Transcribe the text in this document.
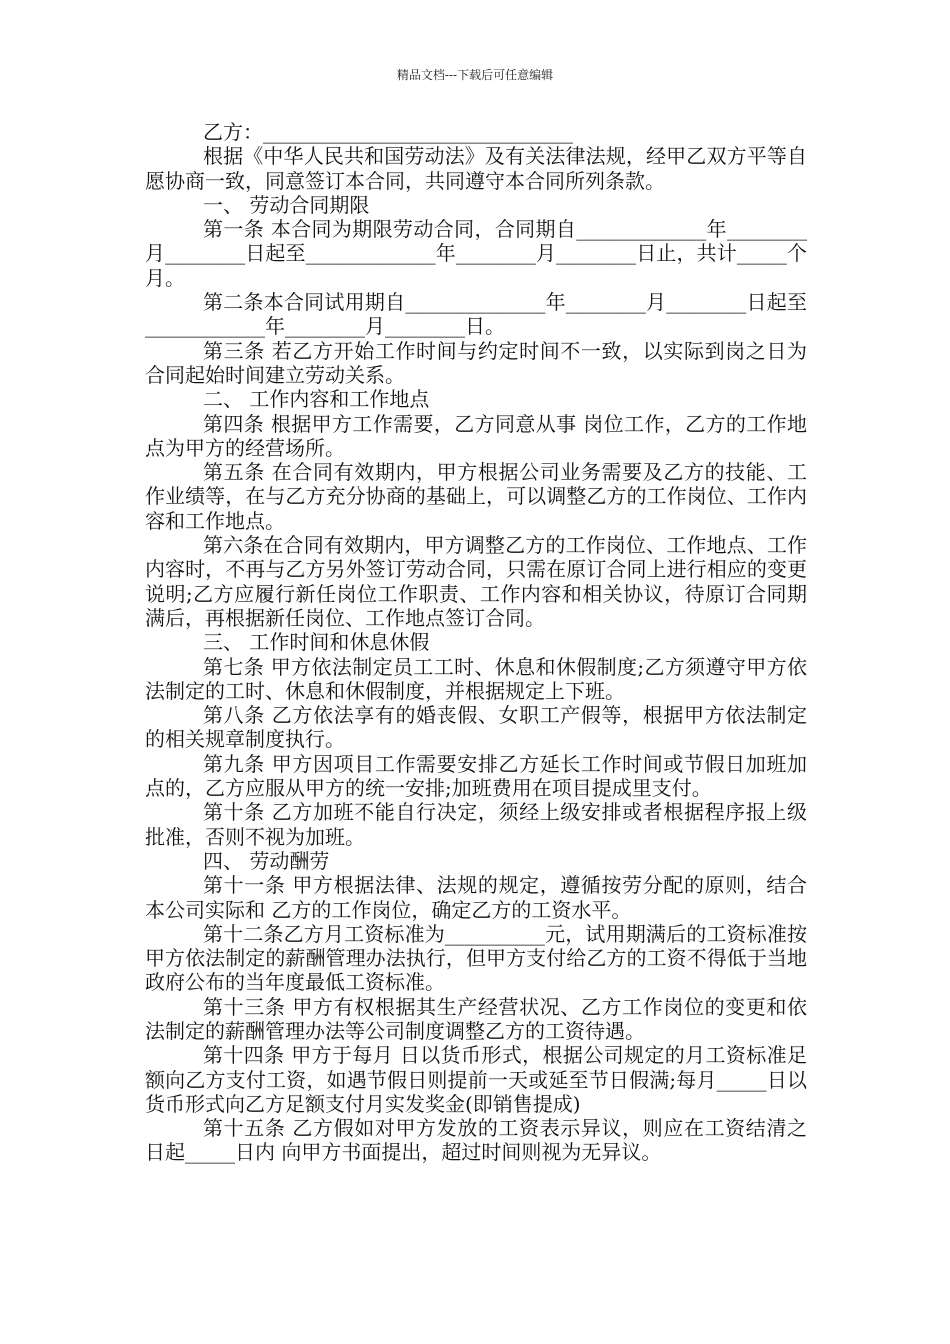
精品文档---下载后可任意编辑

乙方：_______________________________

根据《中华人民共和国劳动法》及有关法律法规，经甲乙双方平等自愿协商一致，同意签订本合同，共同遵守本合同所列条款。

一、 劳动合同期限

第一条 本合同为期限劳动合同，合同期自_____________年________月________日起至_____________年________月________日止，共计_____个月。

第二条本合同试用期自______________年________月________日起至____________年________月________日。

第三条 若乙方开始工作时间与约定时间不一致，以实际到岗之日为合同起始时间建立劳动关系。

二、 工作内容和工作地点

第四条 根据甲方工作需要，乙方同意从事 岗位工作，乙方的工作地点为甲方的经营场所。

第五条 在合同有效期内，甲方根据公司业务需要及乙方的技能、工作业绩等，在与乙方充分协商的基础上，可以调整乙方的工作岗位、工作内容和工作地点。

第六条在合同有效期内，甲方调整乙方的工作岗位、工作地点、工作内容时，不再与乙方另外签订劳动合同，只需在原订合同上进行相应的变更说明;乙方应履行新任岗位工作职责、工作内容和相关协议，待原订合同期满后，再根据新任岗位、工作地点签订合同。

三、 工作时间和休息休假

第七条 甲方依法制定员工工时、休息和休假制度;乙方须遵守甲方依法制定的工时、休息和休假制度，并根据规定上下班。

第八条 乙方依法享有的婚丧假、女职工产假等，根据甲方依法制定的相关规章制度执行。

第九条 甲方因项目工作需要安排乙方延长工作时间或节假日加班加点的，乙方应服从甲方的统一安排;加班费用在项目提成里支付。

第十条 乙方加班不能自行决定，须经上级安排或者根据程序报上级批准，否则不视为加班。

四、 劳动酬劳

第十一条 甲方根据法律、法规的规定，遵循按劳分配的原则，结合本公司实际和 乙方的工作岗位，确定乙方的工资水平。

第十二条乙方月工资标准为__________元，试用期满后的工资标准按甲方依法制定的薪酬管理办法执行，但甲方支付给乙方的工资不得低于当地政府公布的当年度最低工资标准。

第十三条 甲方有权根据其生产经营状况、乙方工作岗位的变更和依法制定的薪酬管理办法等公司制度调整乙方的工资待遇。

第十四条 甲方于每月 日以货币形式，根据公司规定的月工资标准足额向乙方支付工资，如遇节假日则提前一天或延至节日假满;每月_____日以货币形式向乙方足额支付月实发奖金(即销售提成)

第十五条 乙方假如对甲方发放的工资表示异议，则应在工资结清之日起_____日内 向甲方书面提出，超过时间则视为无异议。
